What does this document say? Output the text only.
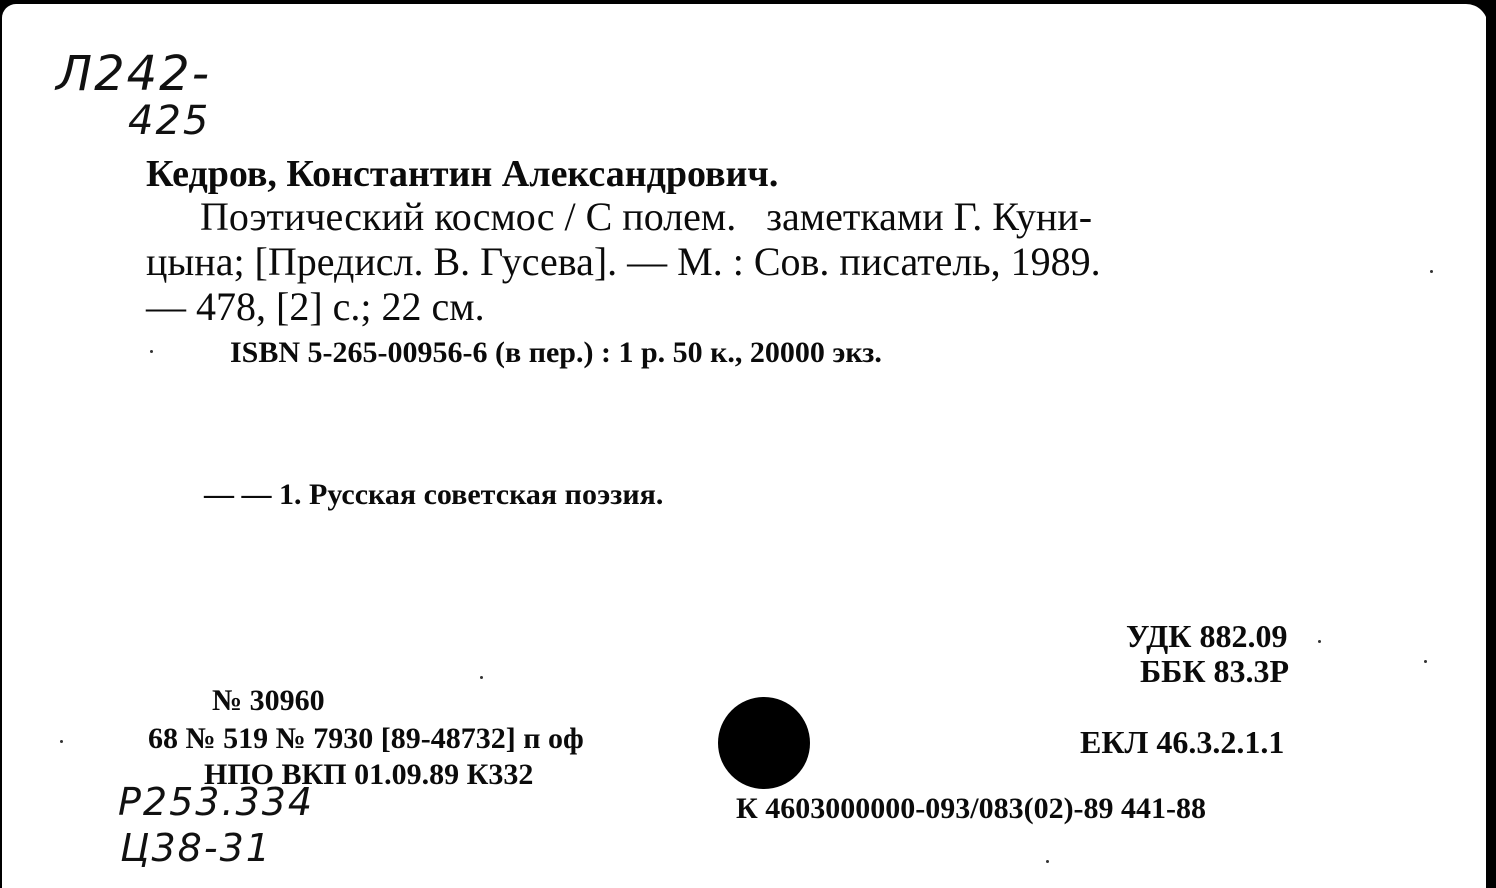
Л242-
425
Кедров, Константин Александрович.
Поэтический космос / С полем.   заметками Г. Куни-
цына; [Предисл. В. Гусева]. — М. : Сов. писатель, 1989.
— 478, [2] с.; 22 см.
ISBN 5-265-00956-6 (в пер.) : 1 р. 50 к., 20000 экз.
— — 1. Русская советская поэзия.
УДК 882.09
ББК 83.3Р
№ 30960
68 № 519 № 7930 [89-48732] п оф
НПО ВКП 01.09.89 К332
ЕКЛ 46.3.2.1.1
Р253.334
Ц38-31
К 4603000000-093/083(02)-89 441-88
